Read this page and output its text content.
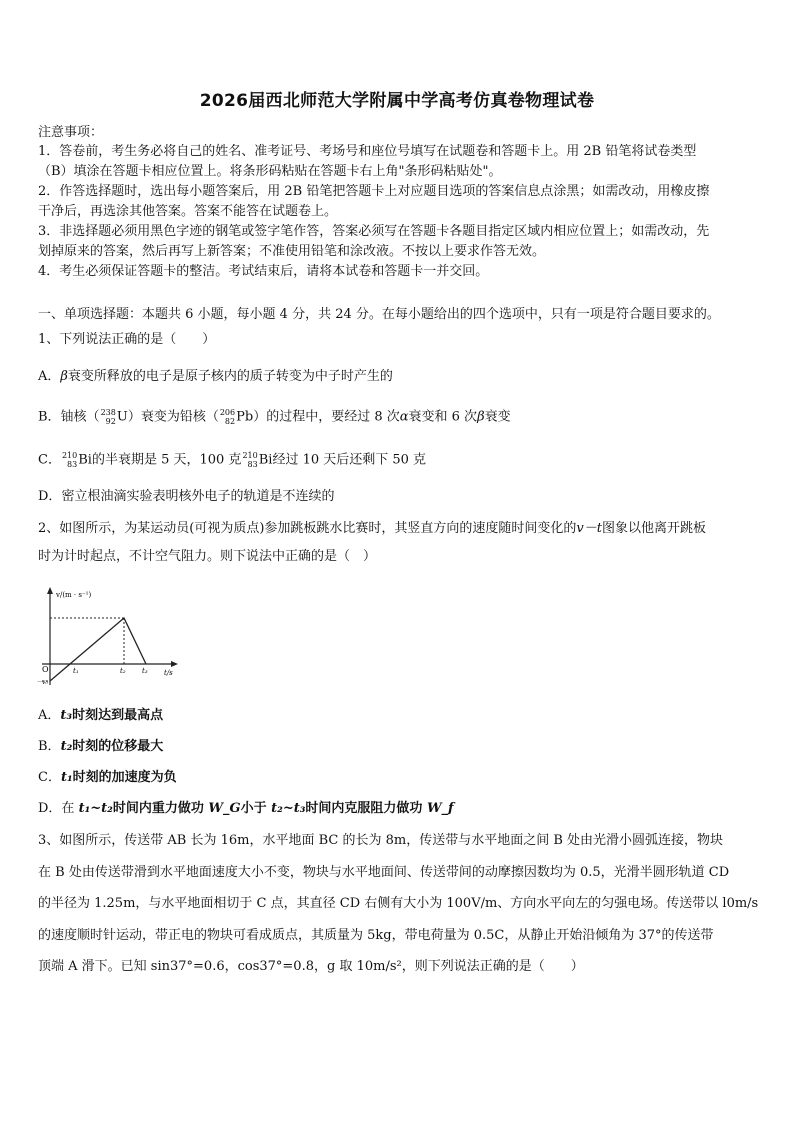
2026届西北师范大学附属中学高考仿真卷物理试卷
注意事项：
1．答卷前，考生务必将自己的姓名、准考证号、考场号和座位号填写在试题卷和答题卡上。用 2B 铅笔将试卷类型
（B）填涂在答题卡相应位置上。将条形码粘贴在答题卡右上角"条形码粘贴处"。
2．作答选择题时，选出每小题答案后，用 2B 铅笔把答题卡上对应题目选项的答案信息点涂黑；如需改动，用橡皮擦
干净后，再选涂其他答案。答案不能答在试题卷上。
3．非选择题必须用黑色字迹的钢笔或签字笔作答，答案必须写在答题卡各题目指定区域内相应位置上；如需改动，先
划掉原来的答案，然后再写上新答案；不准使用铅笔和涂改液。不按以上要求作答无效。
4．考生必须保证答题卡的整洁。考试结束后，请将本试卷和答题卡一并交回。
一、单项选择题：本题共 6 小题，每小题 4 分，共 24 分。在每小题给出的四个选项中，只有一项是符合题目要求的。
1、下列说法正确的是（　　）
A．β衰变所释放的电子是原子核内的质子转变为中子时产生的
B．铀核（238
92U）衰变为铅核（206
82Pb）的过程中，要经过 8 次α衰变和 6 次β衰变
C．210
83Bi的半衰期是 5 天，100 克210
83Bi经过 10 天后还剩下 50 克
D．密立根油滴实验表明核外电子的轨道是不连续的
2、如图所示，为某运动员(可视为质点)参加跳板跳水比赛时，其竖直方向的速度随时间变化的v－t图象以他离开跳板
时为计时起点，不计空气阻力。则下说法中正确的是（　）
v/(m · s⁻¹)
t/s
O
－v₀
t₁	t₂ t₃
A．t₃时刻达到最高点
B．t₂时刻的位移最大
C．t₁时刻的加速度为负
D．在 t₁~t₂时间内重力做功 W_G小于 t₂~t₃时间内克服阻力做功 W_f
3、如图所示，传送带 AB 长为 16m，水平地面 BC 的长为 8m，传送带与水平地面之间 B 处由光滑小圆弧连接，物块
在 B 处由传送带滑到水平地面速度大小不变，物块与水平地面间、传送带间的动摩擦因数均为 0.5，光滑半圆形轨道 CD
的半径为 1.25m，与水平地面相切于 C 点，其直径 CD 右侧有大小为 100V/m、方向水平向左的匀强电场。传送带以 l0m/s
的速度顺时针运动，带正电的物块可看成质点，其质量为 5kg，带电荷量为 0.5C，从静止开始沿倾角为 37°的传送带
顶端 A 滑下。已知 sin37°=0.6，cos37°=0.8，g 取 10m/s²，则下列说法正确的是（　　）
